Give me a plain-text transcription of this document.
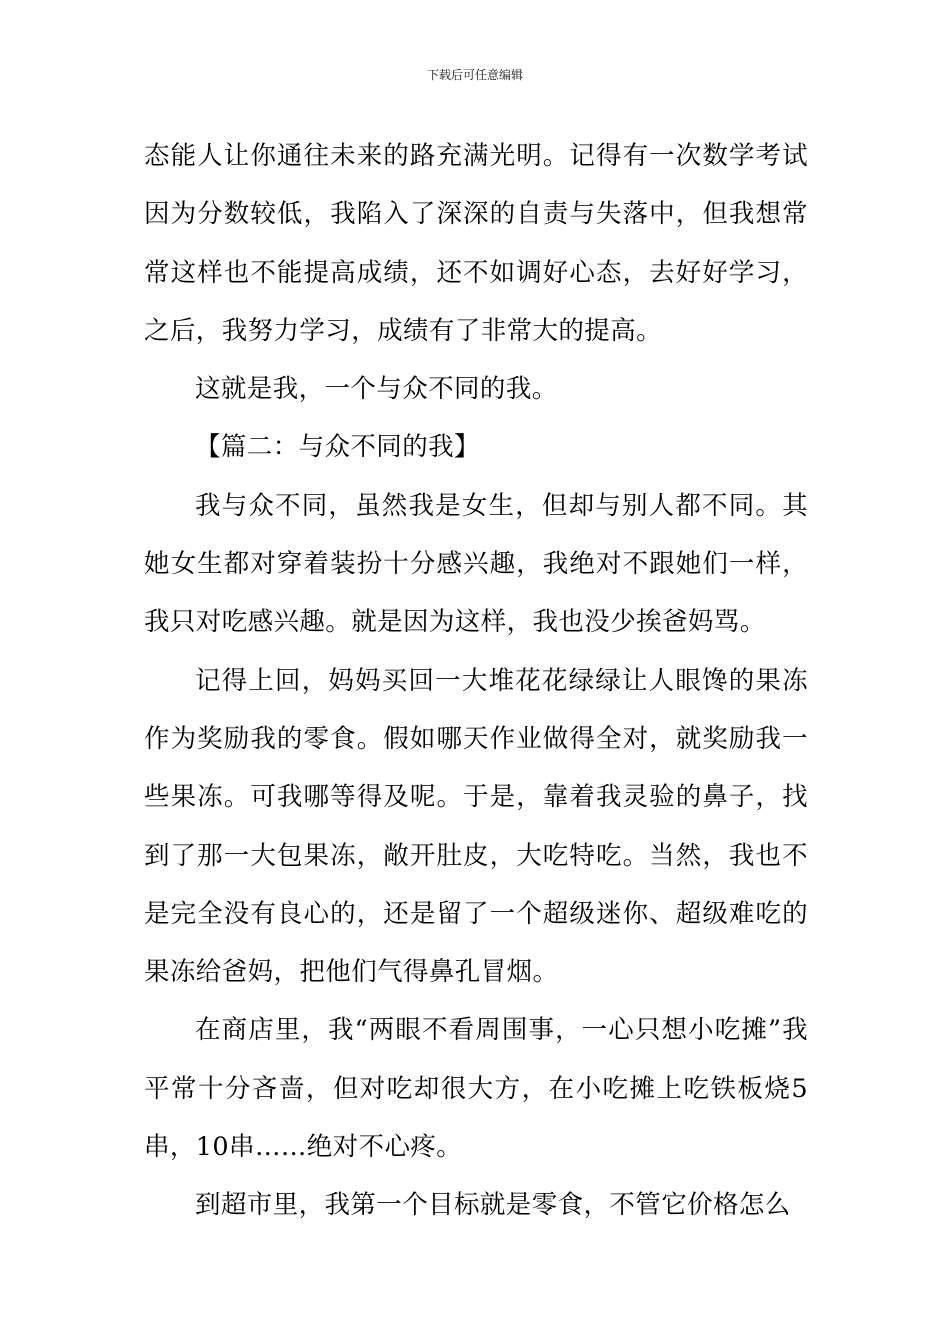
下载后可任意编辑

态能人让你通往未来的路充满光明。记得有一次数学考试因为分数较低，我陷入了深深的自责与失落中，但我想常常这样也不能提高成绩，还不如调好心态，去好好学习，之后，我努力学习，成绩有了非常大的提高。

这就是我，一个与众不同的我。

【篇二：与众不同的我】

我与众不同，虽然我是女生，但却与别人都不同。其她女生都对穿着装扮十分感兴趣，我绝对不跟她们一样，我只对吃感兴趣。就是因为这样，我也没少挨爸妈骂。

记得上回，妈妈买回一大堆花花绿绿让人眼馋的果冻作为奖励我的零食。假如哪天作业做得全对，就奖励我一些果冻。可我哪等得及呢。于是，靠着我灵验的鼻子，找到了那一大包果冻，敞开肚皮，大吃特吃。当然，我也不是完全没有良心的，还是留了一个超级迷你、超级难吃的果冻给爸妈，把他们气得鼻孔冒烟。

在商店里，我“两眼不看周围事，一心只想小吃摊”我平常十分吝啬，但对吃却很大方，在小吃摊上吃铁板烧5串，10串……绝对不心疼。

到超市里，我第一个目标就是零食，不管它价格怎么
